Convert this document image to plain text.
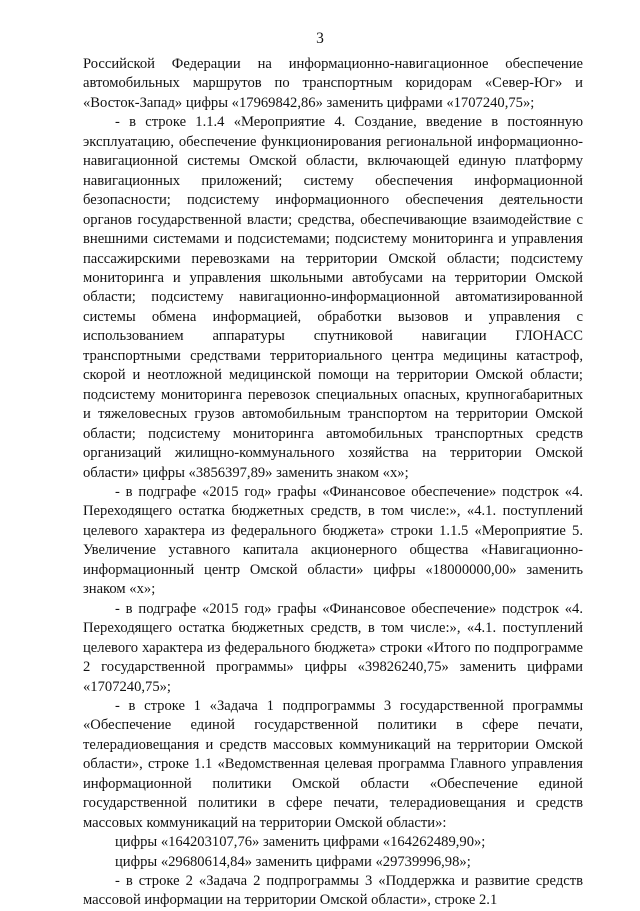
3

Российской Федерации на информационно-навигационное обеспечение автомобильных маршрутов по транспортным коридорам «Север-Юг» и «Восток-Запад» цифры «17969842,86» заменить цифрами «1707240,75»;

- в строке 1.1.4 «Мероприятие 4. Создание, введение в постоянную эксплуатацию, обеспечение функционирования региональной информационно-навигационной системы Омской области, включающей единую платформу навигационных приложений; систему обеспечения информационной безопасности; подсистему информационного обеспечения деятельности органов государственной власти; средства, обеспечивающие взаимодействие с внешними системами и подсистемами; подсистему мониторинга и управления пассажирскими перевозками на территории Омской области; подсистему мониторинга и управления школьными автобусами на территории Омской области; подсистему навигационно-информационной автоматизированной системы обмена информацией, обработки вызовов и управления с использованием аппаратуры спутниковой навигации ГЛОНАСС транспортными средствами территориального центра медицины катастроф, скорой и неотложной медицинской помощи на территории Омской области; подсистему мониторинга перевозок специальных опасных, крупногабаритных и тяжеловесных грузов автомобильным транспортом на территории Омской области; подсистему мониторинга автомобильных транспортных средств организаций жилищно-коммунального хозяйства на территории Омской области» цифры «3856397,89» заменить знаком «х»;

- в подграфе «2015 год» графы «Финансовое обеспечение» подстрок «4. Переходящего остатка бюджетных средств, в том числе:», «4.1. поступлений целевого характера из федерального бюджета» строки 1.1.5 «Мероприятие 5. Увеличение уставного капитала акционерного общества «Навигационно-информационный центр Омской области» цифры «18000000,00» заменить знаком «х»;

- в подграфе «2015 год» графы «Финансовое обеспечение» подстрок «4. Переходящего остатка бюджетных средств, в том числе:», «4.1. поступлений целевого характера из федерального бюджета» строки «Итого по подпрограмме 2 государственной программы» цифры «39826240,75» заменить цифрами «1707240,75»;

- в строке 1 «Задача 1 подпрограммы 3 государственной программы «Обеспечение единой государственной политики в сфере печати, телерадиовещания и средств массовых коммуникаций на территории Омской области», строке 1.1 «Ведомственная целевая программа Главного управления информационной политики Омской области «Обеспечение единой государственной политики в сфере печати, телерадиовещания и средств массовых коммуникаций на территории Омской области»:

цифры «164203107,76» заменить цифрами «164262489,90»;

цифры «29680614,84» заменить цифрами «29739996,98»;

- в строке 2 «Задача 2 подпрограммы 3 «Поддержка и развитие средств массовой информации на территории Омской области», строке 2.1
